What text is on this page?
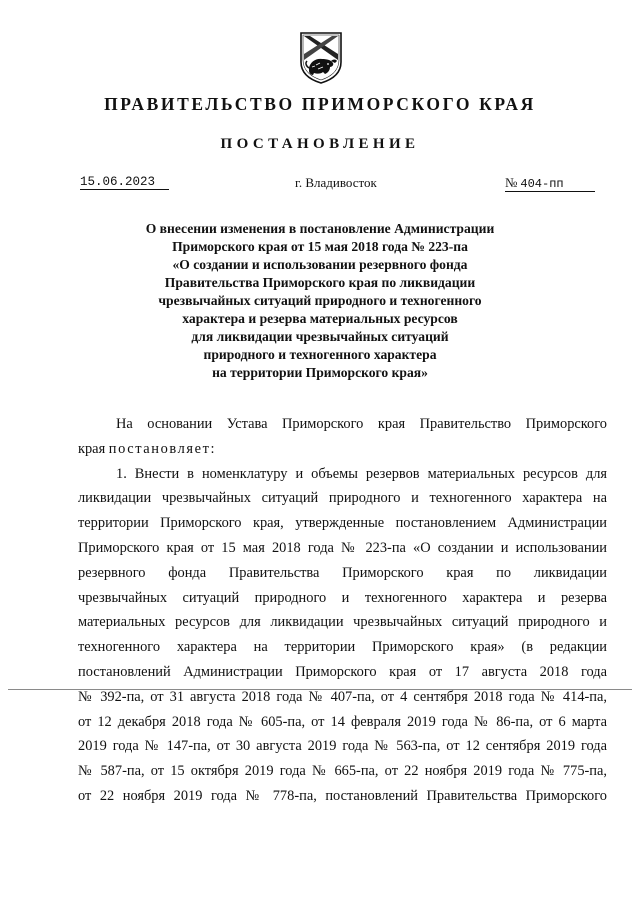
ПРАВИТЕЛЬСТВО ПРИМОРСКОГО КРАЯ
ПОСТАНОВЛЕНИЕ
15.06.2023	г. Владивосток	№ 404-пп
О внесении изменения в постановление Администрации
Приморского края от 15 мая 2018 года № 223-па
«О создании и использовании резервного фонда
Правительства Приморского края по ликвидации
чрезвычайных ситуаций природного и техногенного
характера и резерва материальных ресурсов
для ликвидации чрезвычайных ситуаций
природного и техногенного характера
на территории Приморского края»
На основании Устава Приморского края Правительство Приморского
края постановляет:
1. Внести в номенклатуру и объемы резервов материальных ресурсов для
ликвидации чрезвычайных ситуаций природного и техногенного характера на
территории Приморского края, утвержденные постановлением Администрации
Приморского края от 15 мая 2018 года № 223-па «О создании и использовании
резервного фонда Правительства Приморского края по ликвидации
чрезвычайных ситуаций природного и техногенного характера и резерва
материальных ресурсов для ликвидации чрезвычайных ситуаций природного и
техногенного характера на территории Приморского края» (в редакции
постановлений Администрации Приморского края от 17 августа 2018 года
№ 392-па, от 31 августа 2018 года № 407-па, от 4 сентября 2018 года № 414-па,
от 12 декабря 2018 года № 605-па, от 14 февраля 2019 года № 86-па, от 6 марта
2019 года № 147-па, от 30 августа 2019 года № 563-па, от 12 сентября 2019 года
№ 587-па, от 15 октября 2019 года № 665-па, от 22 ноября 2019 года № 775-па,
от 22 ноября 2019 года № 778-па, постановлений Правительства Приморского
